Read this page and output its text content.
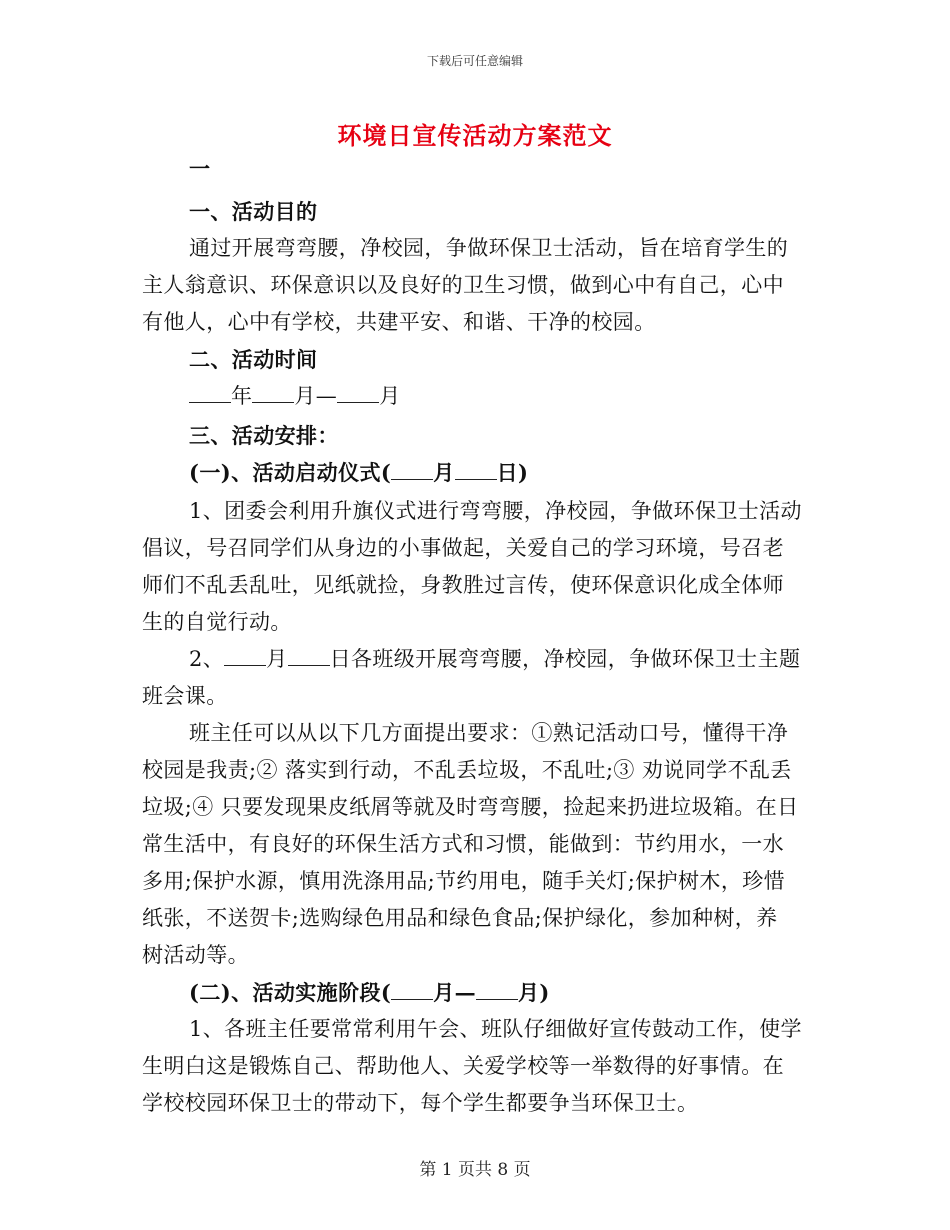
下载后可任意编辑
环境日宣传活动方案范文
一
一、活动目的
通过开展弯弯腰，净校园，争做环保卫士活动，旨在培育学生的
主人翁意识、环保意识以及良好的卫生习惯，做到心中有自己，心中
有他人，心中有学校，共建平安、和谐、干净的校园。
二、活动时间
年 月— 月
三、活动安排：
(一)、活动启动仪式( 月 日)
1、团委会利用升旗仪式进行弯弯腰，净校园，争做环保卫士活动
倡议，号召同学们从身边的小事做起，关爱自己的学习环境，号召老
师们不乱丢乱吐，见纸就捡，身教胜过言传，使环保意识化成全体师
生的自觉行动。
2、 月 日各班级开展弯弯腰，净校园，争做环保卫士主题
班会课。
班主任可以从以下几方面提出要求：①熟记活动口号，懂得干净
校园是我责;② 落实到行动，不乱丢垃圾，不乱吐;③ 劝说同学不乱丢
垃圾;④ 只要发现果皮纸屑等就及时弯弯腰，捡起来扔进垃圾箱。在日
常生活中，有良好的环保生活方式和习惯，能做到：节约用水，一水
多用;保护水源，慎用洗涤用品;节约用电，随手关灯;保护树木，珍惜
纸张，不送贺卡;选购绿色用品和绿色食品;保护绿化，参加种树，养
树活动等。
(二)、活动实施阶段( 月— 月)
1、各班主任要常常利用午会、班队仔细做好宣传鼓动工作，使学
生明白这是锻炼自己、帮助他人、关爱学校等一举数得的好事情。在
学校校园环保卫士的带动下，每个学生都要争当环保卫士。
第 1 页共 8 页
